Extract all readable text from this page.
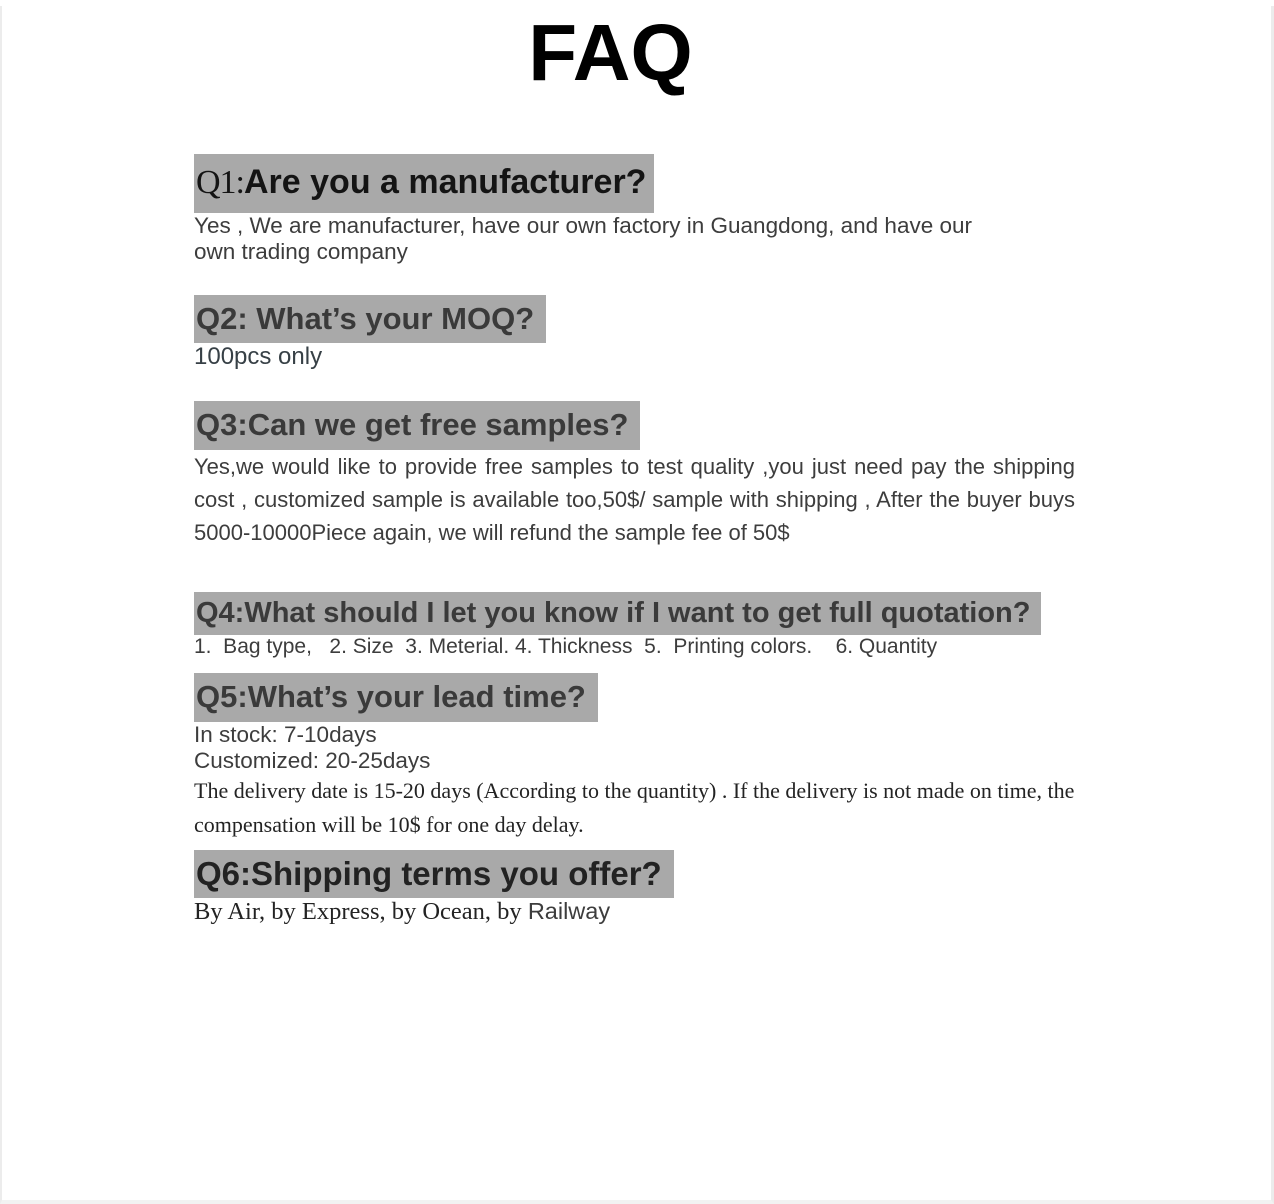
FAQ
Q1:Are you a manufacturer?

Yes , We are manufacturer, have our own factory in Guangdong, and have our

own trading company

Q2: What’s your MOQ?

100pcs only

Q3:Can we get free samples?

Yes,we would like to provide free samples to test quality ,you just need pay the shipping cost , customized sample is available too,50$/ sample with shipping , After the buyer buys 5000-10000Piece again, we will refund the sample fee of 50$

Q4:What should I let you know if I want to get full quotation?

1.  Bag type,   2. Size  3. Meterial. 4. Thickness  5.  Printing colors.    6. Quantity

Q5:What’s your lead time?

In stock: 7-10days

Customized: 20-25days

The delivery date is 15-20 days (According to the quantity) . If the delivery is not made on time, the compensation will be 10$ for one day delay.

Q6:Shipping terms you offer?

By Air, by Express, by Ocean, by Railway
